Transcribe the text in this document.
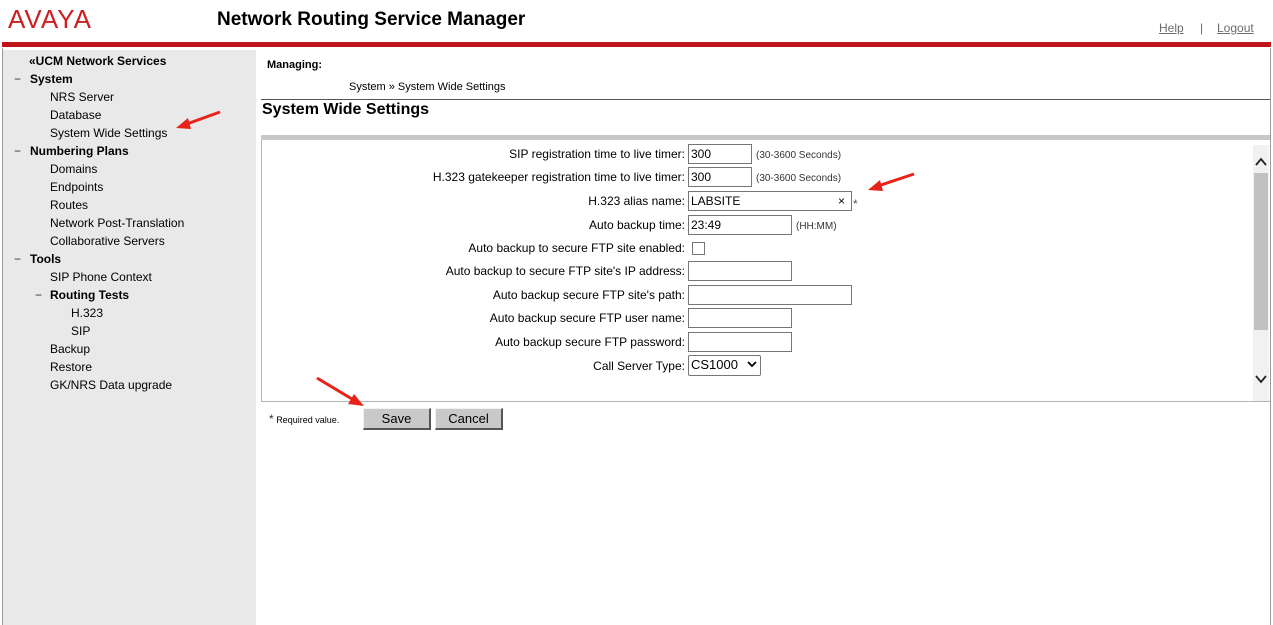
AVAYA	Network Routing Service Manager	Help | Logout
«UCM Network Services
− System
NRS Server
Database
System Wide Settings
− Numbering Plans
Domains
Endpoints
Routes
Network Post-Translation
Collaborative Servers
− Tools
SIP Phone Context
− Routing Tests
H.323
SIP
Backup
Restore
GK/NRS Data upgrade
Managing:
System » System Wide Settings
System Wide Settings
SIP registration time to live timer:
300	(30-3600 Seconds)
H.323 gatekeeper registration time to live timer:
300	(30-3600 Seconds)
H.323 alias name:
LABSITE	× *
Auto backup time:
23:49	(HH:MM)
Auto backup to secure FTP site enabled:
Auto backup to secure FTP site's IP address:
Auto backup secure FTP site's path:
Auto backup secure FTP user name:
Auto backup secure FTP password:
Call Server Type: CS1000
* Required value.	Save	Cancel
